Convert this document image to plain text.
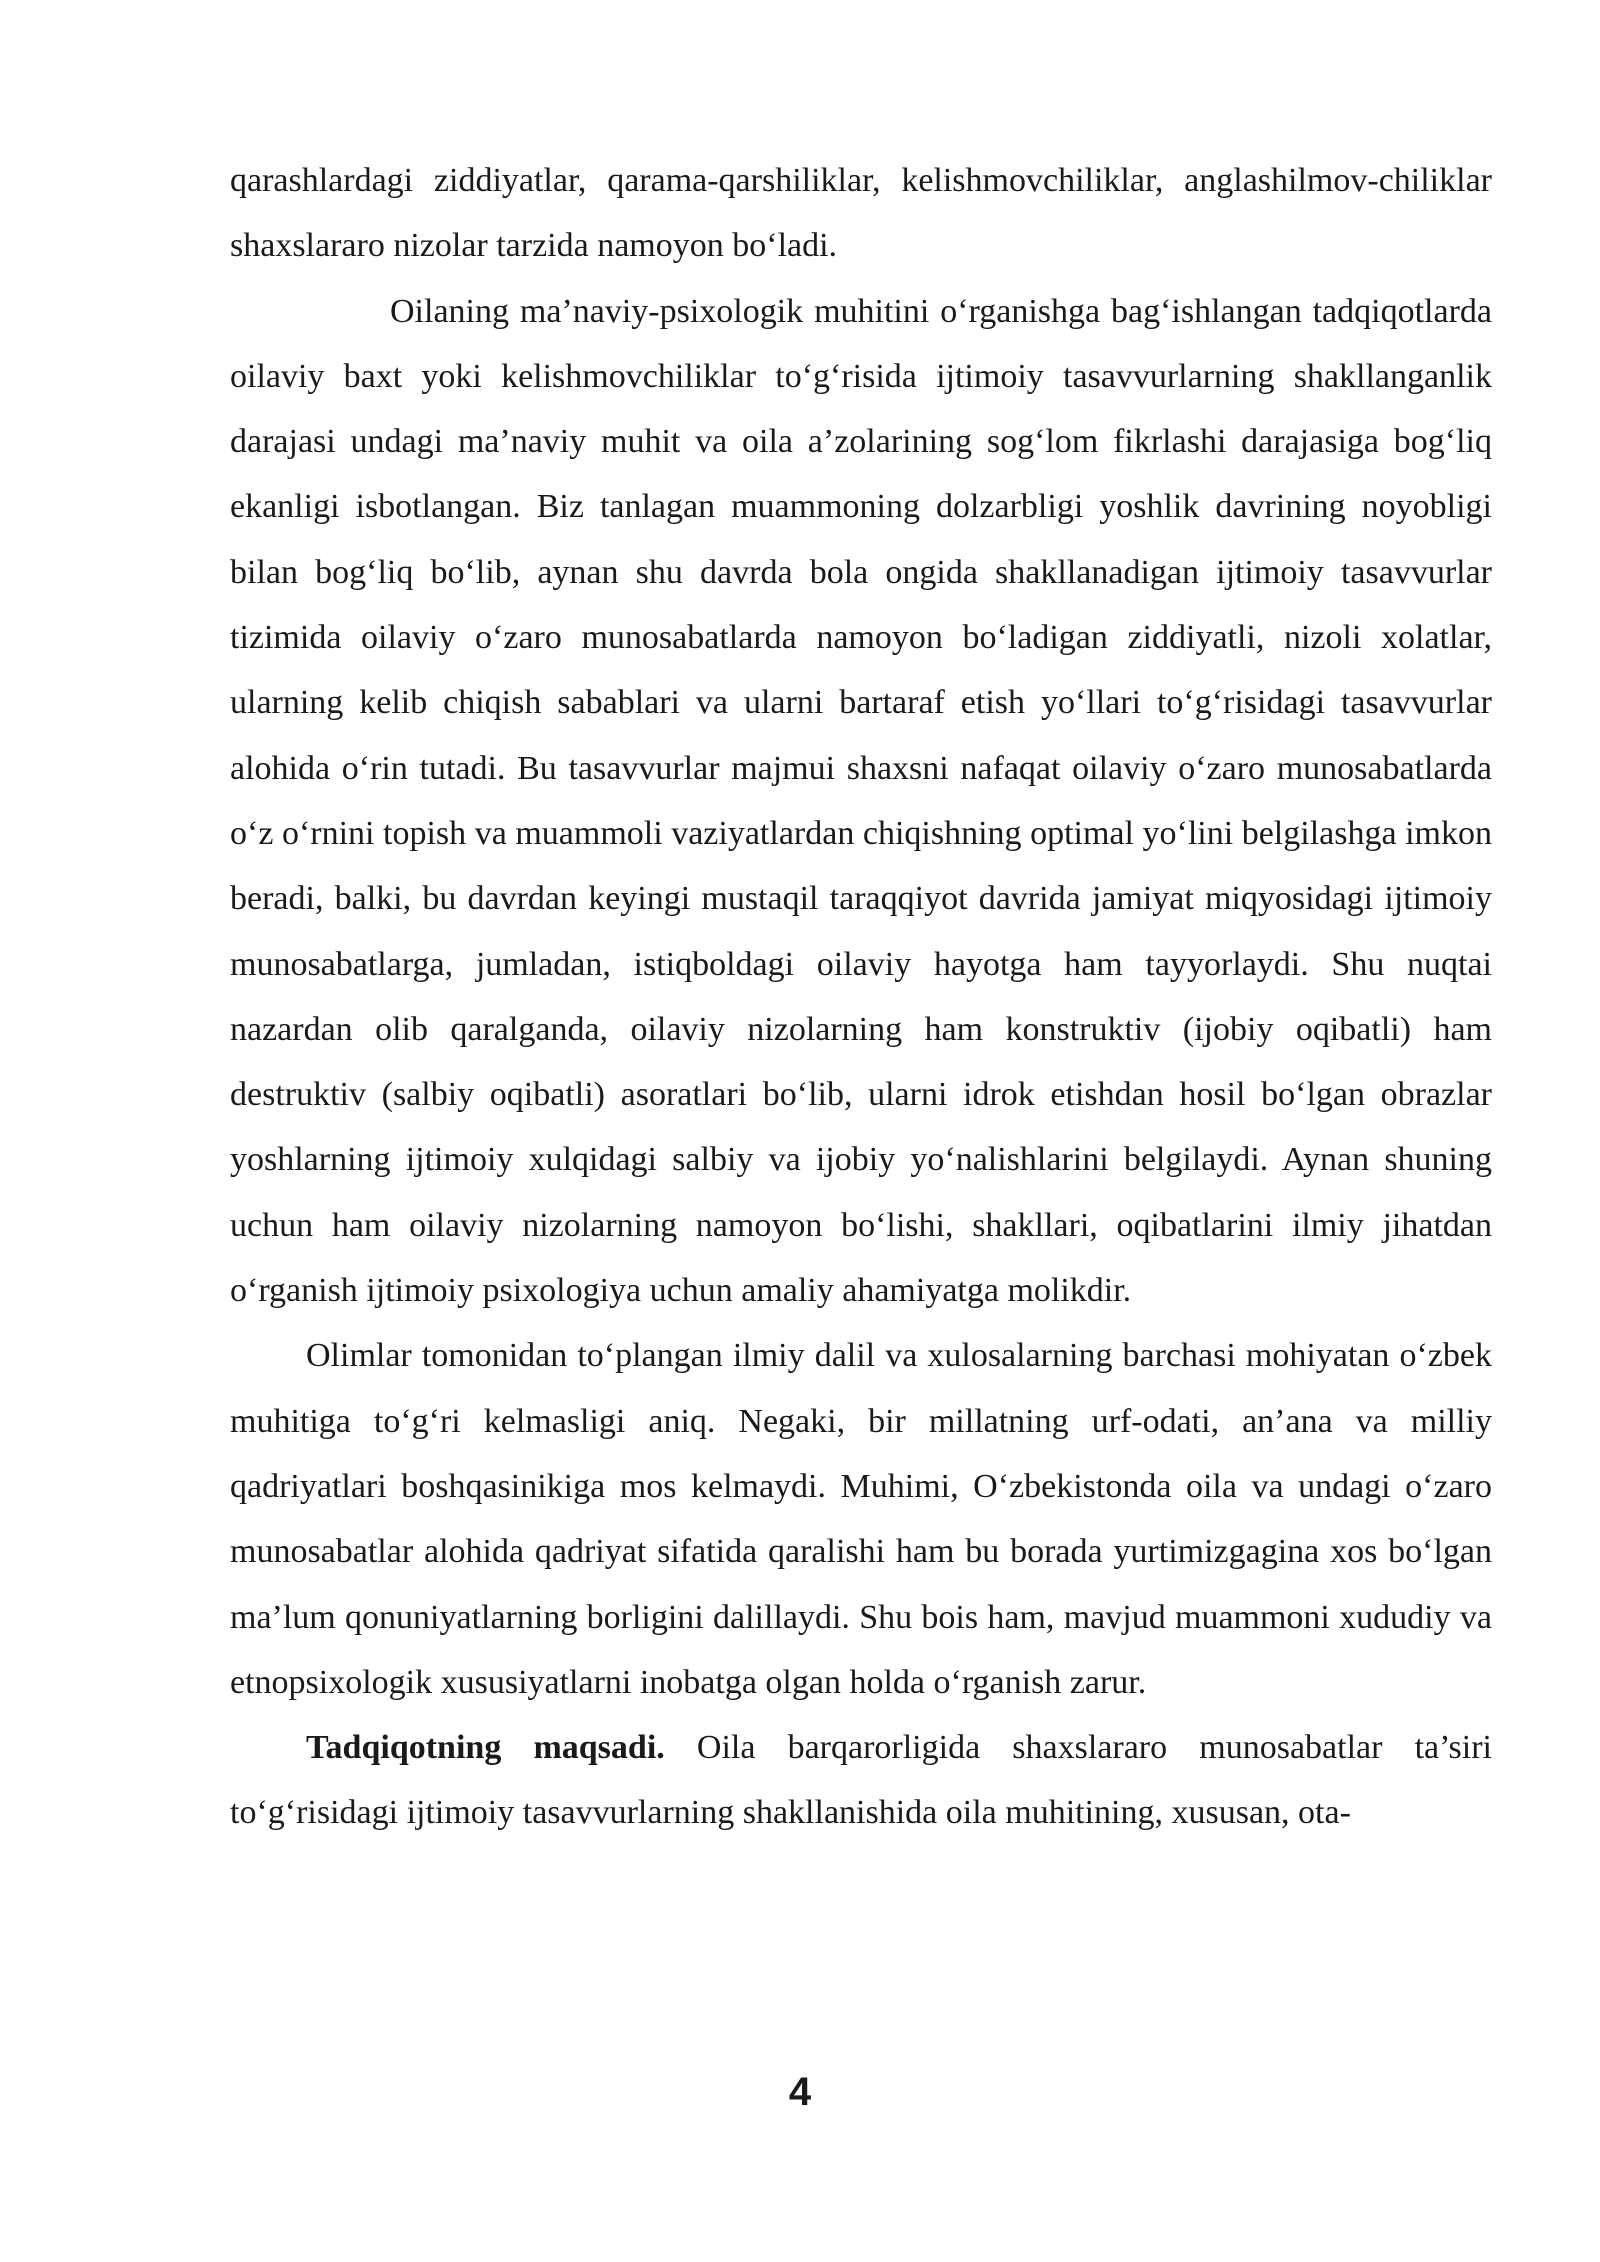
qarashlardagi ziddiyatlar, qarama-qarshiliklar, kelishmovchiliklar, anglashilmov-chiliklar shaxslararo nizolar tarzida namoyon bo‘ladi.

Oilaning ma’naviy-psixologik muhitini o‘rganishga bag‘ishlangan tadqiqotlarda oilaviy baxt yoki kelishmovchiliklar to‘g‘risida ijtimoiy tasavvurlarning shakllanganlik darajasi undagi ma’naviy muhit va oila a’zolarining sog‘lom fikrlashi darajasiga bog‘liq ekanligi isbotlangan. Biz tanlagan muammoning dolzarbligi yoshlik davrining noyobligi bilan bog‘liq bo‘lib, aynan shu davrda bola ongida shakllanadigan ijtimoiy tasavvurlar tizimida oilaviy o‘zaro munosabatlarda namoyon bo‘ladigan ziddiyatli, nizoli xolatlar, ularning kelib chiqish sabablari va ularni bartaraf etish yo‘llari to‘g‘risidagi tasavvurlar alohida o‘rin tutadi. Bu tasavvurlar majmui shaxsni nafaqat oilaviy o‘zaro munosabatlarda o‘z o‘rnini topish va muammoli vaziyatlardan chiqishning optimal yo‘lini belgilashga imkon beradi, balki, bu davrdan keyingi mustaqil taraqqiyot davrida jamiyat miqyosidagi ijtimoiy munosabatlarga, jumladan, istiqboldagi oilaviy hayotga ham tayyorlaydi. Shu nuqtai nazardan olib qaralganda, oilaviy nizolarning ham konstruktiv (ijobiy oqibatli) ham destruktiv (salbiy oqibatli) asoratlari bo‘lib, ularni idrok etishdan hosil bo‘lgan obrazlar yoshlarning ijtimoiy xulqidagi salbiy va ijobiy yo‘nalishlarini belgilaydi. Aynan shuning uchun ham oilaviy nizolarning namoyon bo‘lishi, shakllari, oqibatlarini ilmiy jihatdan o‘rganish ijtimoiy psixologiya uchun amaliy ahamiyatga molikdir.

Olimlar tomonidan to‘plangan ilmiy dalil va xulosalarning barchasi mohiyatan o‘zbek muhitiga to‘g‘ri kelmasligi aniq. Negaki, bir millatning urf-odati, an’ana va milliy qadriyatlari boshqasinikiga mos kelmaydi. Muhimi, O‘zbekistonda oila va undagi o‘zaro munosabatlar alohida qadriyat sifatida qaralishi ham bu borada yurtimizgagina xos bo‘lgan ma’lum qonuniyatlarning borligini dalillaydi. Shu bois ham, mavjud muammoni xududiy va etnopsixologik xususiyatlarni inobatga olgan holda o‘rganish zarur.

Tadqiqotning maqsadi. Oila barqarorligida shaxslararo munosabatlar ta’siri to‘g‘risidagi ijtimoiy tasavvurlarning shakllanishida oila muhitining, xususan, ota-

4
